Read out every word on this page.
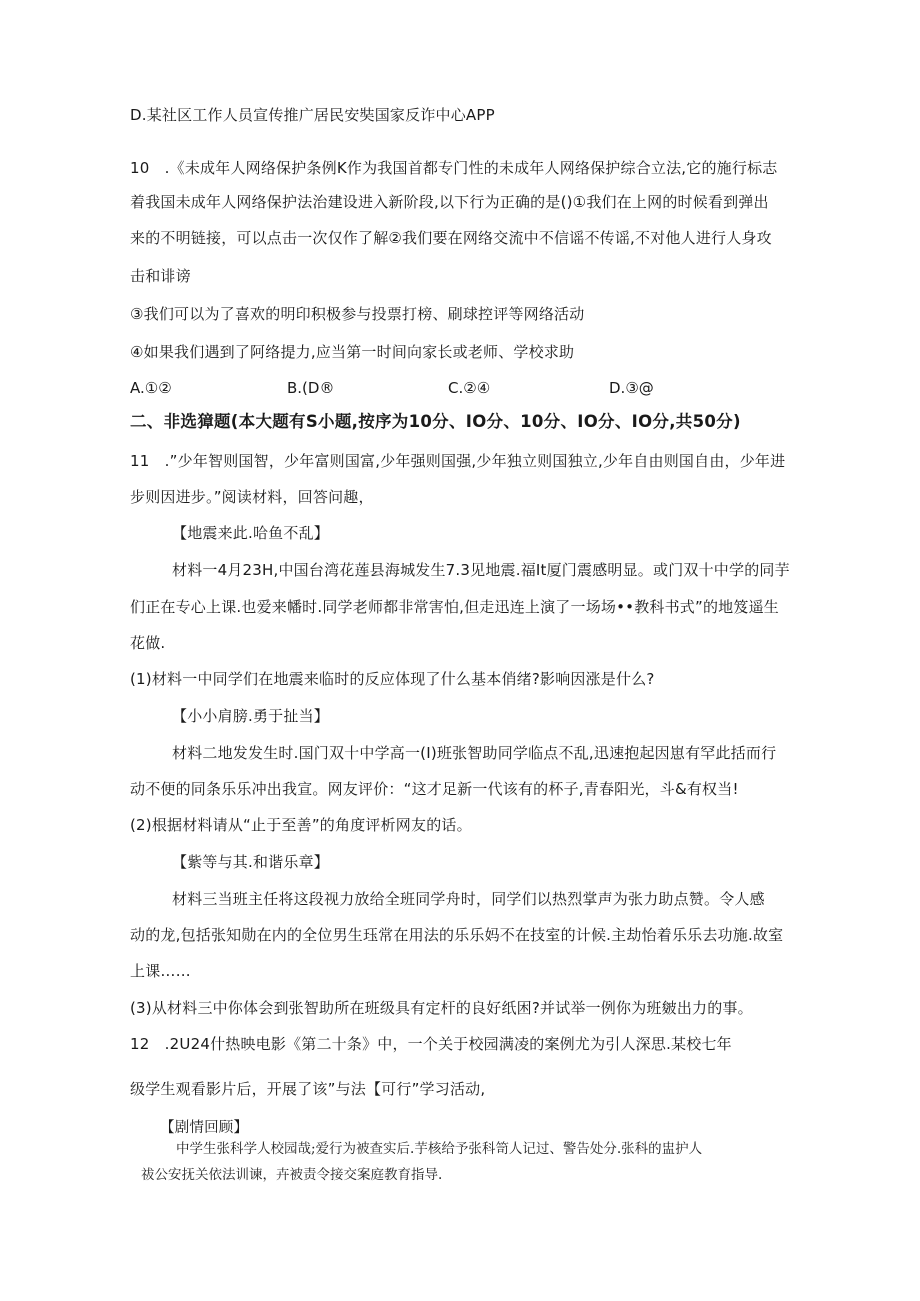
D.某社区工作人员宣传推广居民安奘国家反诈中心APP
10　.《未成年人网络保护条例K作为我国首都专门性的未成年人网络保护综合立法,它的施行标志
着我国未成年人网络保护法治建设进入新阶段,以下行为正确的是()①我们在上网的时候看到弹出
来的不明链接，可以点击一次仅作了解②我们要在网络交流中不信谣不传谣,不对他人进行人身攻
击和诽谤
③我们可以为了喜欢的明印积极参与投票打榜、刷球控评等网络活动
④如果我们遇到了阿络提力,应当第一时间向家长或老师、学校求助
A.①②	B.(D®	C.②④	D.③@
二、非选獐题(本大题有S小题,按序为10分、IO分、10分、IO分、IO分,共50分)
11　.”少年智则国智，少年富则国富,少年强则国强,少年独立则国独立,少年自由则国自由，少年进
步则因进步。”阅读材料，回答问趣，
【地震来此.哈鱼不乱】
材料一4月23H,中国台湾花莲县海城发生7.3见地震.福It厦门震感明显。或门双十中学的同芋
们正在专心上课.也爱来幡时.同学老师都非常害怕,但走迅连上演了一场场••教科书式”的地笈遥生
花做.
(1)材料一中同学们在地震来临时的反应体现了什么基本俏绪?影响因涨是什么?
【小小肩膀.勇于扯当】
材料二地发发生时.国门双十中学高一(I)班张智助同学临点不乱,迅速抱起因崽有罕此括而行
动不便的同条乐乐冲出我宣。网友评价：“这才足新一代该有的杯子,青春阳光，斗&有权当!
(2)根据材料请从“止于至善”的角度评析网友的话。
【紫等与其.和谐乐章】
材料三当班主任将这段视力放给全班同学舟时，同学们以热烈掌声为张力助点赞。令人感
动的龙,包括张知勋在内的全位男生珏常在用法的乐乐妈不在技室的计候.主劫怡着乐乐去功施.故室
上课……
(3)从材料三中你体会到张智助所在班级具有定杆的良好纸困?并试举一例你为班皴出力的事。
12　.2U24什热映电影《第二十条》中，一个关于校园满凌的案例尤为引人深思.某校七年
级学生观看影片后，开展了该”与法【可行”学习活动,
【剧情回顾】
中学生张科学人校园哉;爱行为被查实后.芋核给予张科笥人记过、警告处分.张科的盅护人
祓公安抚关依法训谏，卉被责令接交案庭教育指导.
